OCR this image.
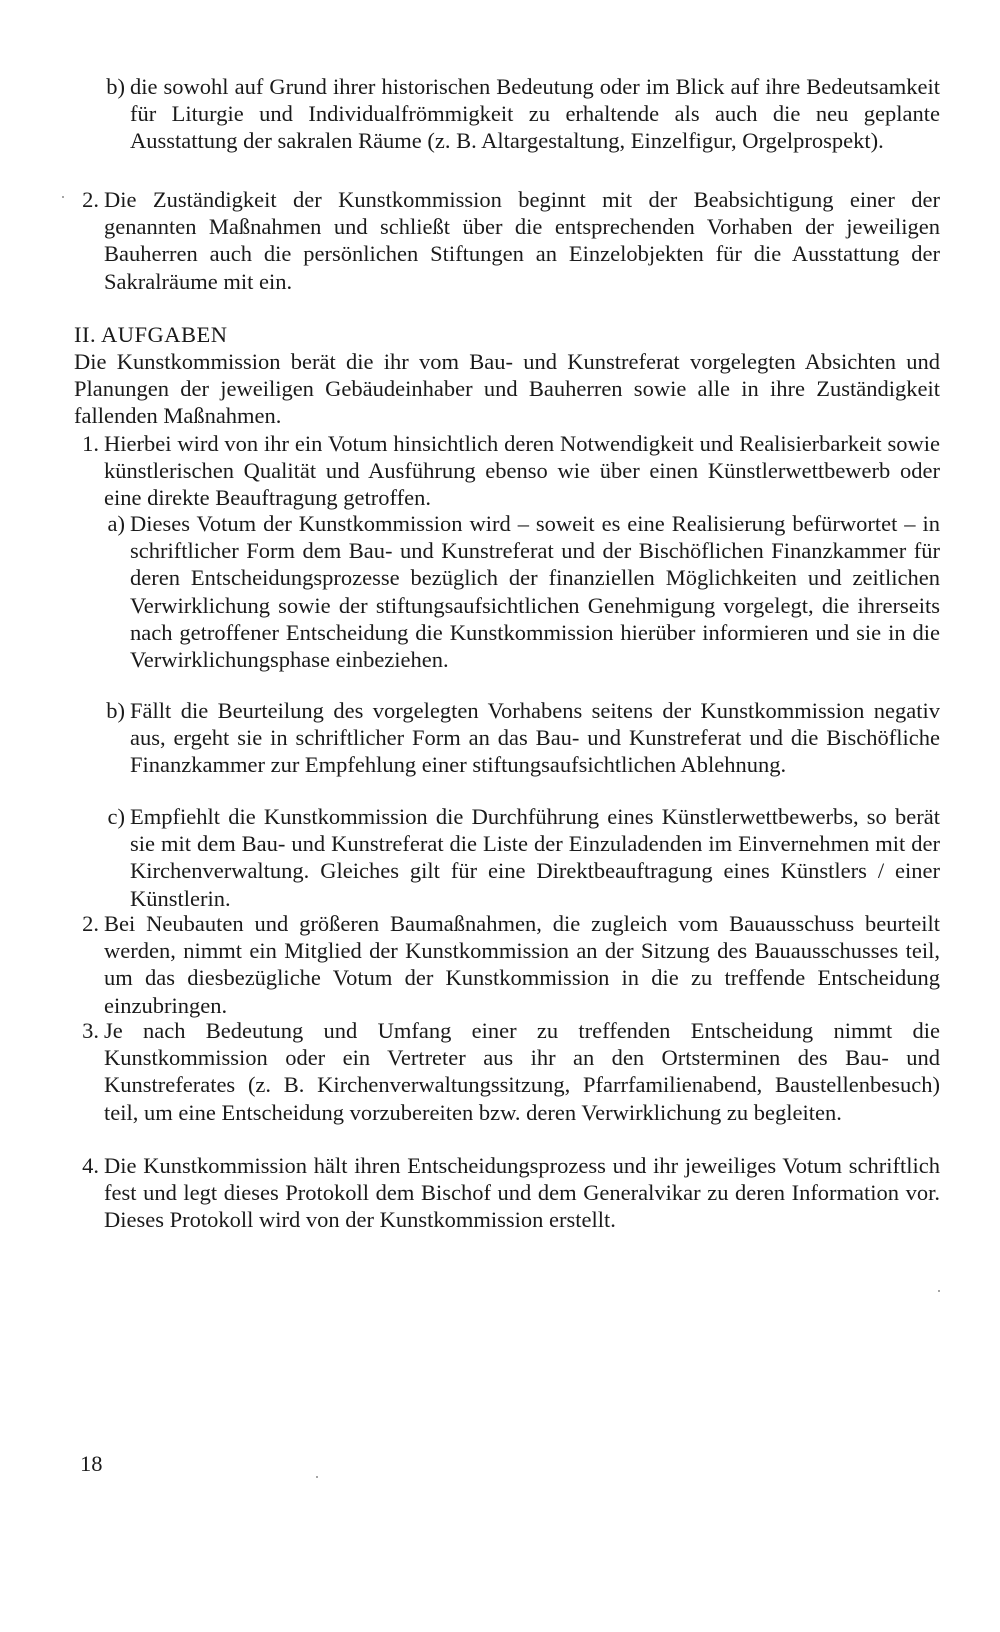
b) die sowohl auf Grund ihrer historischen Bedeutung oder im Blick auf ihre Bedeutsamkeit für Liturgie und Individualfrömmigkeit zu erhaltende als auch die neu geplante Ausstattung der sakralen Räume (z. B. Altargestaltung, Einzelfigur, Orgelprospekt).
2. Die Zuständigkeit der Kunstkommission beginnt mit der Beabsichtigung einer der genannten Maßnahmen und schließt über die entsprechenden Vorhaben der jeweiligen Bauherren auch die persönlichen Stiftungen an Einzelobjekten für die Ausstattung der Sakralräume mit ein.
II. AUFGABEN
Die Kunstkommission berät die ihr vom Bau- und Kunstreferat vorgelegten Absichten und Planungen der jeweiligen Gebäudeinhaber und Bauherren sowie alle in ihre Zuständigkeit fallenden Maßnahmen.
1. Hierbei wird von ihr ein Votum hinsichtlich deren Notwendigkeit und Realisierbarkeit sowie künstlerischen Qualität und Ausführung ebenso wie über einen Künstlerwettbewerb oder eine direkte Beauftragung getroffen.
a) Dieses Votum der Kunstkommission wird – soweit es eine Realisierung befürwortet – in schriftlicher Form dem Bau- und Kunstreferat und der Bischöflichen Finanzkammer für deren Entscheidungsprozesse bezüglich der finanziellen Möglichkeiten und zeitlichen Verwirklichung sowie der stiftungsaufsichtlichen Genehmigung vorgelegt, die ihrerseits nach getroffener Entscheidung die Kunstkommission hierüber informieren und sie in die Verwirklichungsphase einbeziehen.
b) Fällt die Beurteilung des vorgelegten Vorhabens seitens der Kunstkommission negativ aus, ergeht sie in schriftlicher Form an das Bau- und Kunstreferat und die Bischöfliche Finanzkammer zur Empfehlung einer stiftungsaufsichtlichen Ablehnung.
c) Empfiehlt die Kunstkommission die Durchführung eines Künstlerwettbewerbs, so berät sie mit dem Bau- und Kunstreferat die Liste der Einzuladenden im Einvernehmen mit der Kirchenverwaltung. Gleiches gilt für eine Direktbeauftragung eines Künstlers / einer Künstlerin.
2. Bei Neubauten und größeren Baumaßnahmen, die zugleich vom Bauausschuss beurteilt werden, nimmt ein Mitglied der Kunstkommission an der Sitzung des Bauausschusses teil, um das diesbezügliche Votum der Kunstkommission in die zu treffende Entscheidung einzubringen.
3. Je nach Bedeutung und Umfang einer zu treffenden Entscheidung nimmt die Kunstkommission oder ein Vertreter aus ihr an den Ortsterminen des Bau- und Kunstreferates (z. B. Kirchenverwaltungssitzung, Pfarrfamilienabend, Baustellenbesuch) teil, um eine Entscheidung vorzubereiten bzw. deren Verwirklichung zu begleiten.
4. Die Kunstkommission hält ihren Entscheidungsprozess und ihr jeweiliges Votum schriftlich fest und legt dieses Protokoll dem Bischof und dem Generalvikar zu deren Information vor. Dieses Protokoll wird von der Kunstkommission erstellt.
18
